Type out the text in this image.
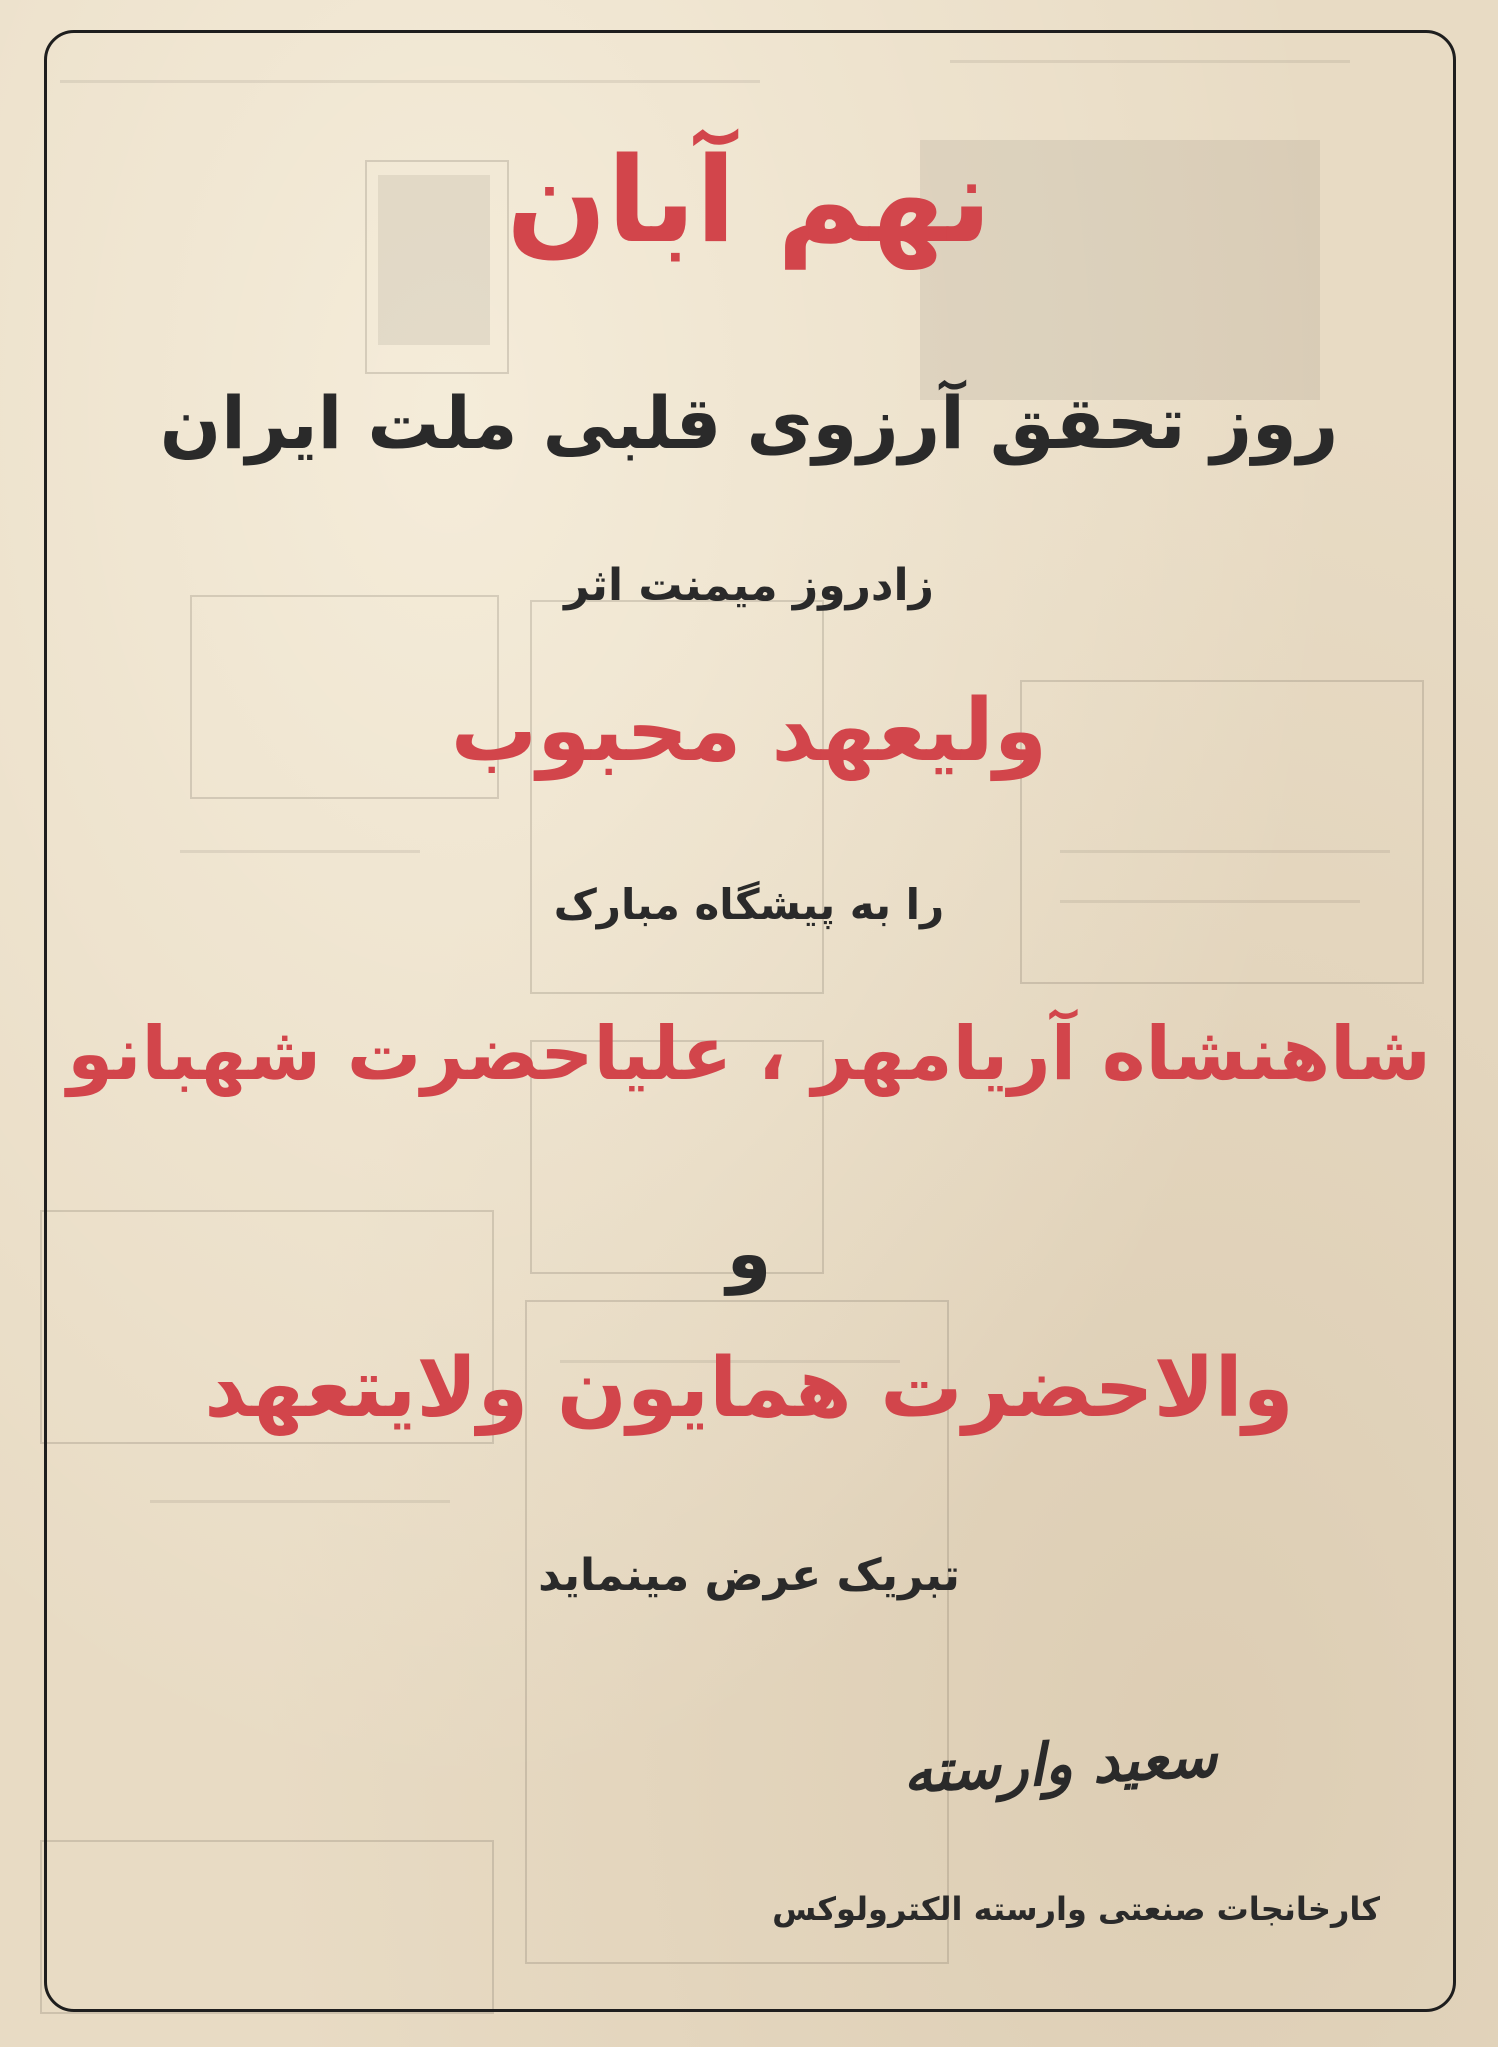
نهم آبان
روز تحقق آرزوی قلبی ملت ایران
زادروز میمنت اثر
ولیعهد محبوب
را به پیشگاه مبارک
شاهنشاه آریامهر ، علیاحضرت شهبانو
و
والاحضرت همایون ولایتعهد
تبریک عرض مینماید
سعید وارسته
کارخانجات صنعتی وارسته الکترولوکس
